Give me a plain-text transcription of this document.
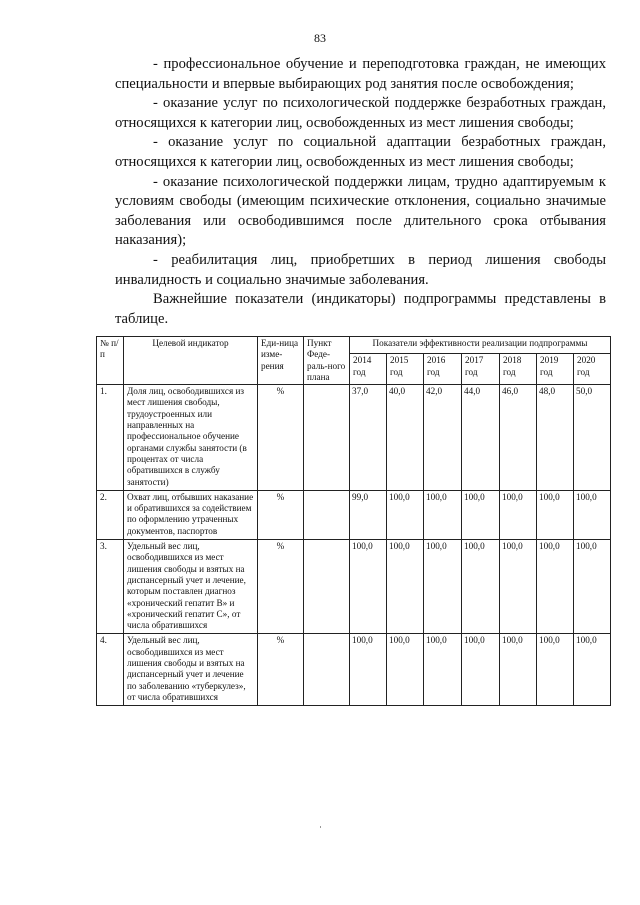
83

- профессиональное обучение и переподготовка граждан, не имеющих специальности и впервые выбирающих род занятия после освобождения;

- оказание услуг по психологической поддержке безработных граждан, относящихся к категории лиц, освобожденных из мест лишения свободы;

- оказание услуг по социальной адаптации безработных граждан, относящихся к категории лиц, освобожденных из мест лишения свободы;

- оказание психологической поддержки лицам, трудно адаптируемым к условиям свободы (имеющим психические отклонения, социально значимые заболевания или освободившимся после длительного срока отбывания наказания);

- реабилитация лиц, приобретших в период лишения свободы инвалидность и социально значимые заболевания.

Важнейшие показатели (индикаторы) подпрограммы представлены в таблице.

№ п/п	Целевой индикатор	Еди-ница изме-рения	Пункт Феде-раль-ного плана	Показатели эффективности реализации подпрограммы						
				2014 год	2015 год	2016 год	2017 год	2018 год	2019 год	2020 год
1.	Доля лиц, освободившихся из мест лишения свободы, трудоустроенных или направленных на профессиональное обучение органами службы занятости (в процентах от числа обратившихся в службу занятости)	%		37,0	40,0	42,0	44,0	46,0	48,0	50,0
2.	Охват лиц, отбывших наказание и обратившихся за содействием по оформлению утраченных документов, паспортов	%		99,0	100,0	100,0	100,0	100,0	100,0	100,0
3.	Удельный вес лиц, освободившихся из мест лишения свободы и взятых на диспансерный учет и лечение, которым поставлен диагноз «хронический гепатит В» и «хронический гепатит С», от числа обратившихся	%		100,0	100,0	100,0	100,0	100,0	100,0	100,0
4.	Удельный вес лиц, освободившихся из мест лишения свободы и взятых на диспансерный учет и лечение по заболеванию «туберкулез», от числа обратившихся	%		100,0	100,0	100,0	100,0	100,0	100,0	100,0
